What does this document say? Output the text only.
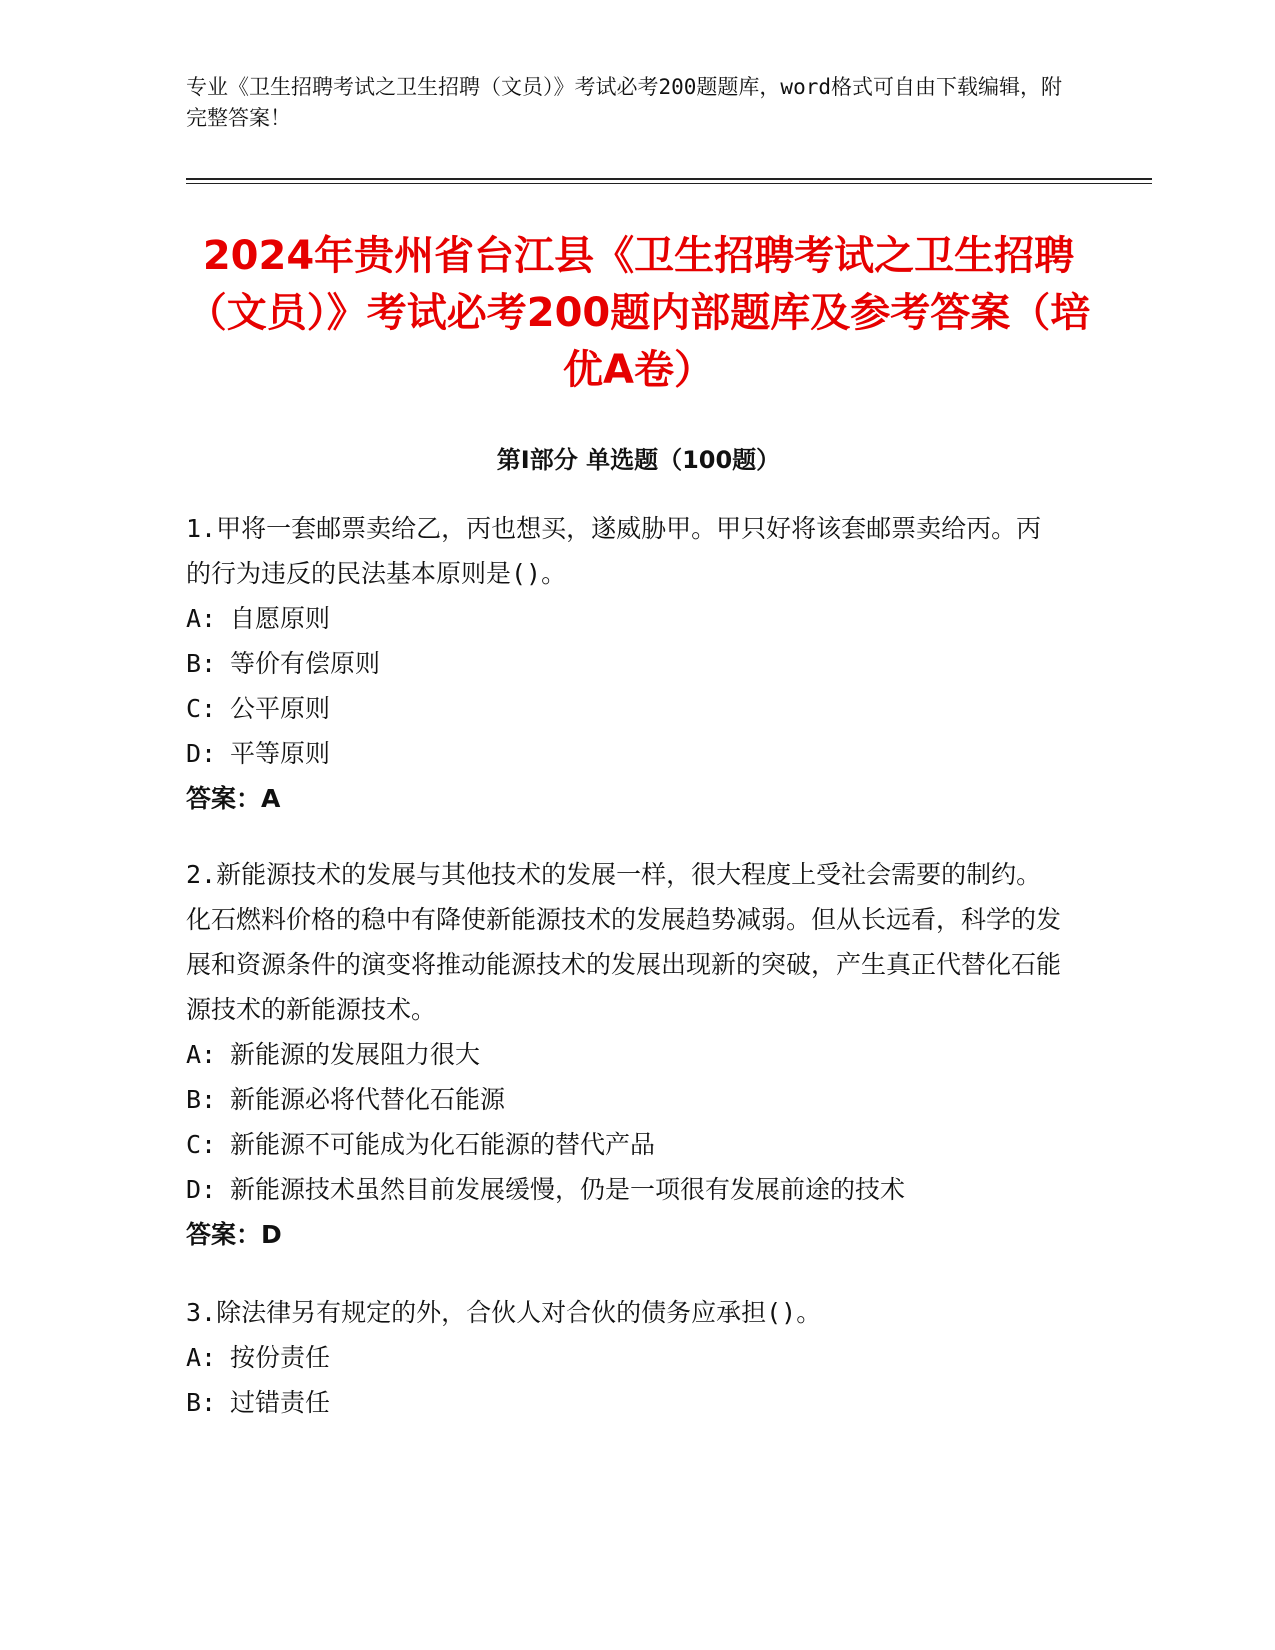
专业《卫生招聘考试之卫生招聘（文员）》考试必考200题题库，word格式可自由下载编辑，附完整答案！
2024年贵州省台江县《卫生招聘考试之卫生招聘（文员）》考试必考200题内部题库及参考答案（培优A卷）
第I部分 单选题（100题）
1.甲将一套邮票卖给乙，丙也想买，遂威胁甲。甲只好将该套邮票卖给丙。丙的行为违反的民法基本原则是()。
A: 自愿原则
B: 等价有偿原则
C: 公平原则
D: 平等原则
答案：A
2.新能源技术的发展与其他技术的发展一样，很大程度上受社会需要的制约。化石燃料价格的稳中有降使新能源技术的发展趋势减弱。但从长远看，科学的发展和资源条件的演变将推动能源技术的发展出现新的突破，产生真正代替化石能源技术的新能源技术。
A: 新能源的发展阻力很大
B: 新能源必将代替化石能源
C: 新能源不可能成为化石能源的替代产品
D: 新能源技术虽然目前发展缓慢，仍是一项很有发展前途的技术
答案：D
3.除法律另有规定的外，合伙人对合伙的债务应承担()。
A: 按份责任
B: 过错责任
